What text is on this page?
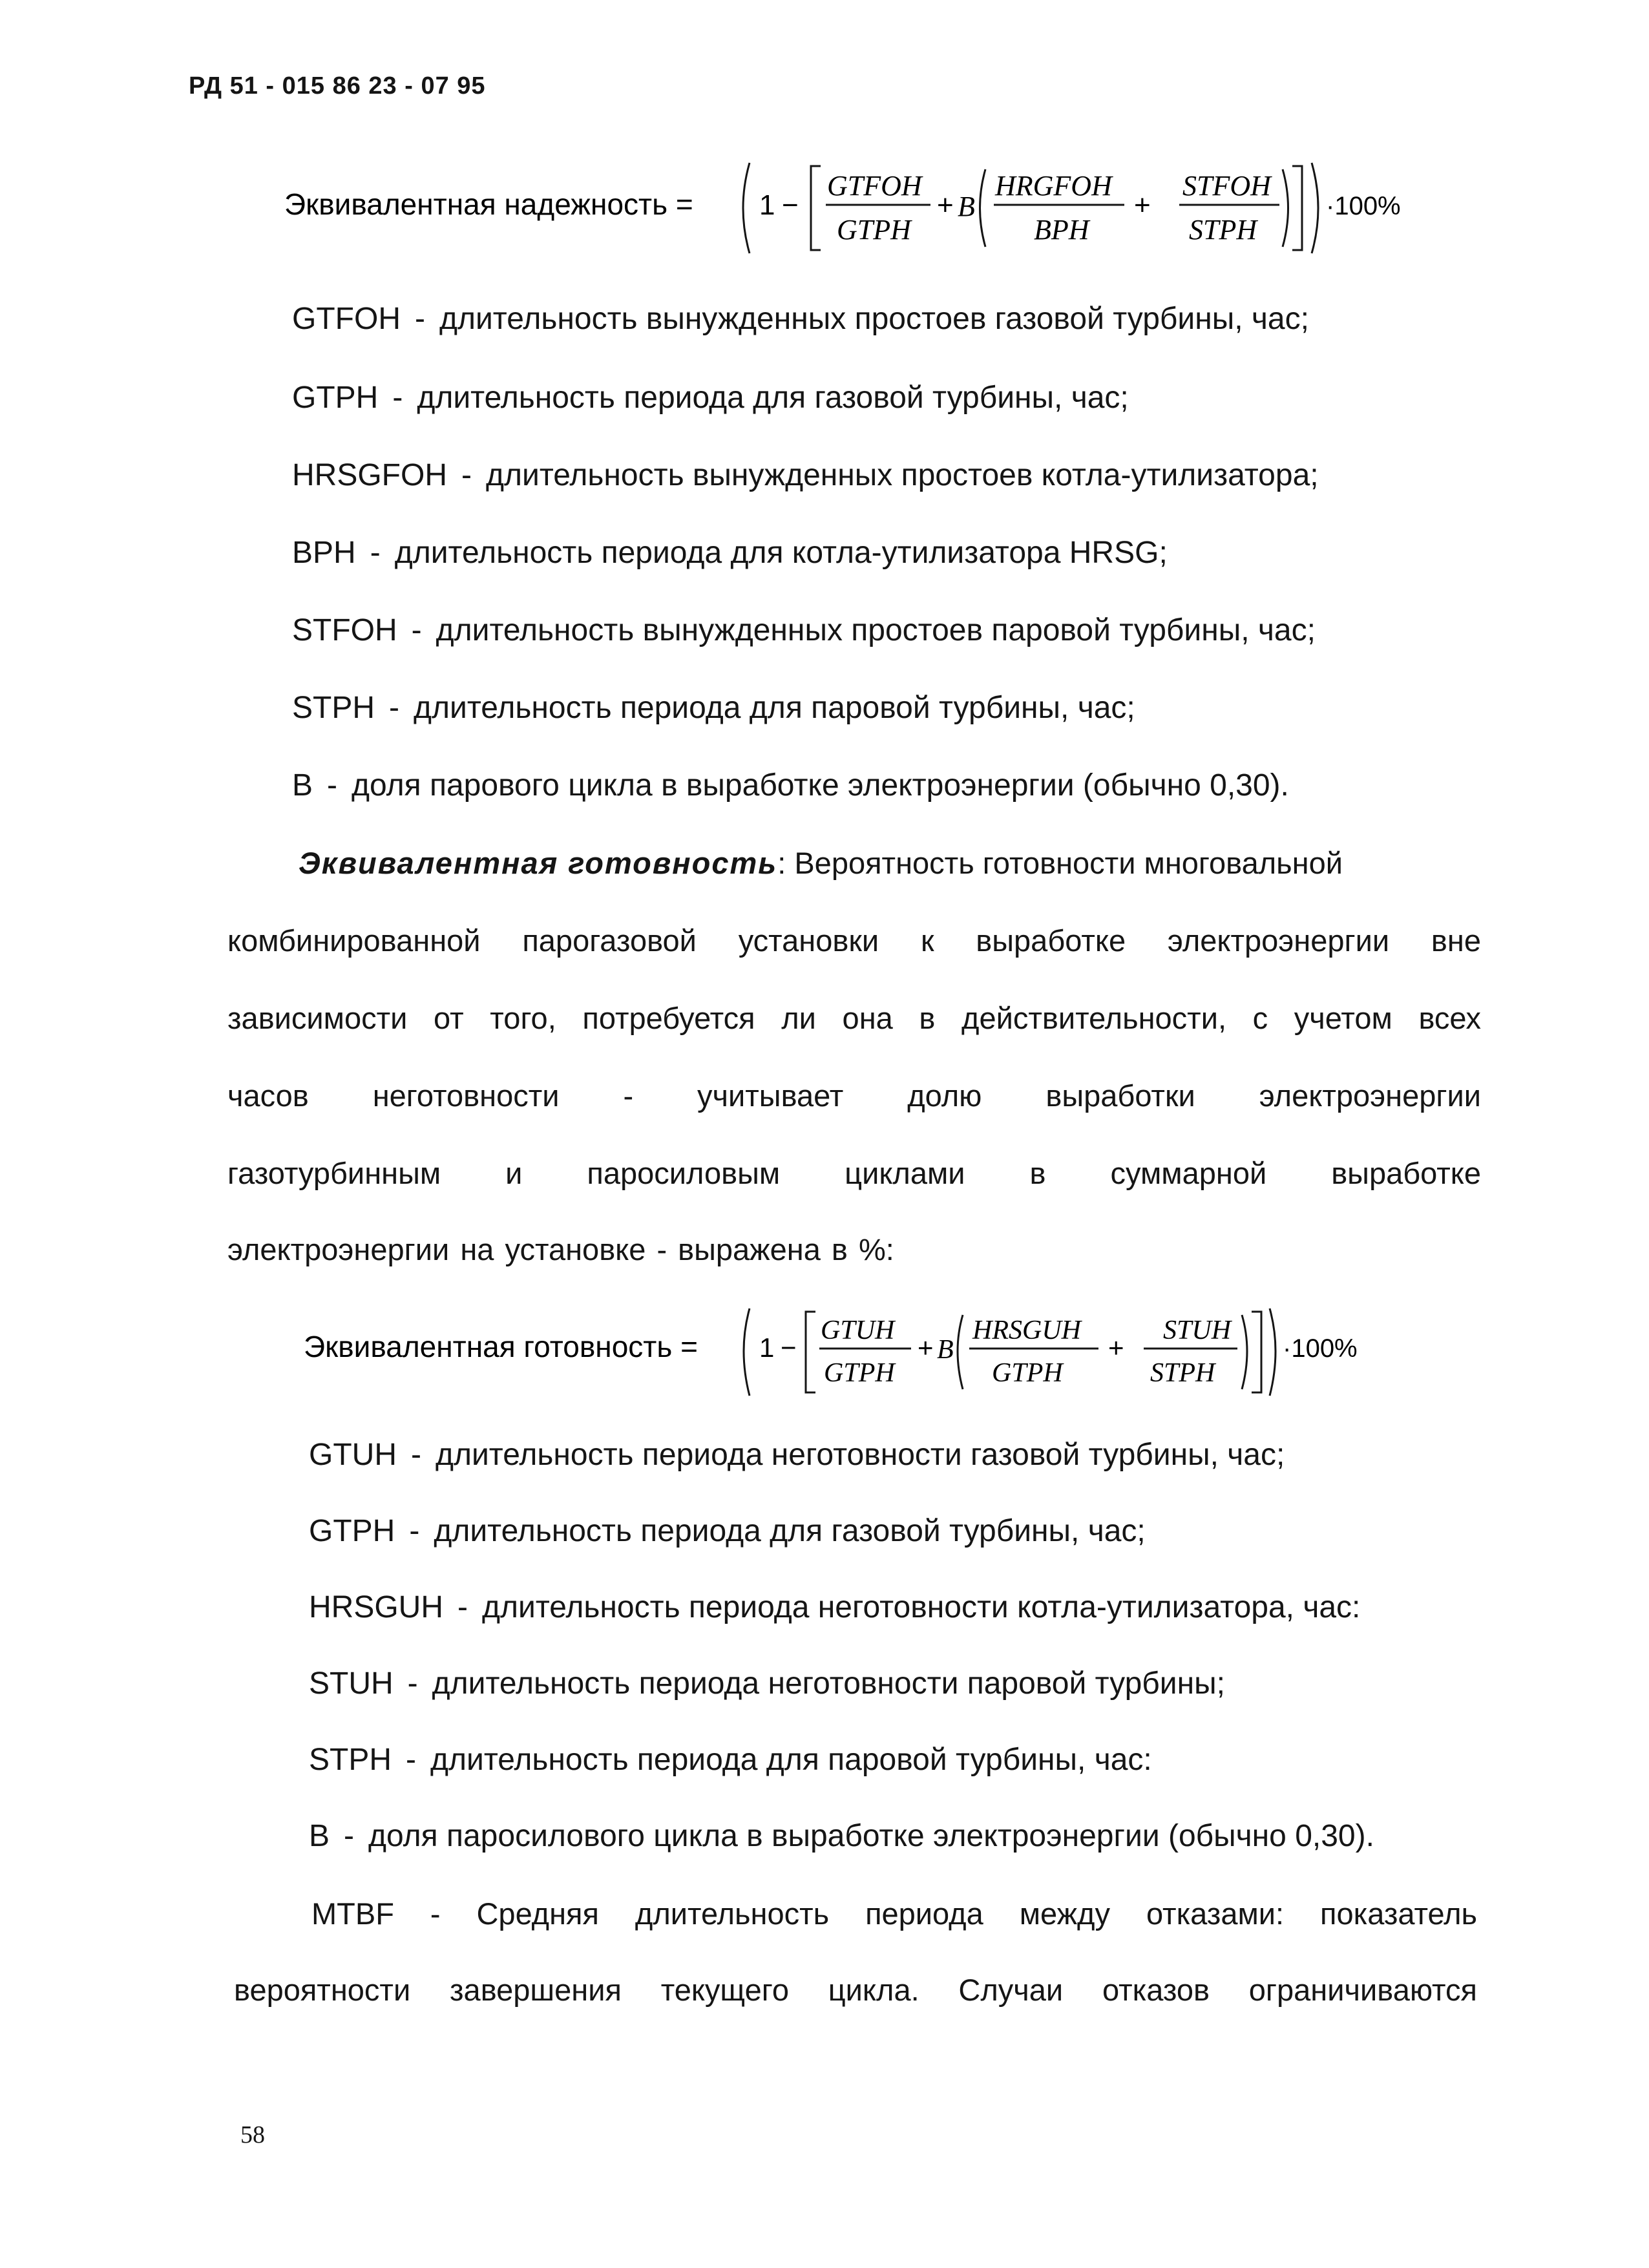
РД 51 - 015 86 23 - 07 95
Эквивалентная надежность = 1 −
GTFOH
GTPH
+ B
HRGFOH
BPH
+
STFOH
STPH
·100%
GTFOH - длительность вынужденных простоев газовой турбины, час;
GTPH - длительность периода для газовой турбины, час;
HRSGFOH - длительность вынужденных простоев котла-утилизатора;
BPH - длительность периода для котла-утилизатора HRSG;
STFOH - длительность вынужденных простоев паровой турбины, час;
STPH - длительность периода для паровой турбины, час;
B - доля парового цикла в выработке электроэнергии (обычно 0,30).
Эквивалентная готовность: Вероятность готовности многовальной
комбинированной парогазовой установки к выработке электроэнергии вне
зависимости от того, потребуется ли она в действительности, с учетом всех
часов неготовности - учитывает долю выработки электроэнергии
газотурбинным и паросиловым циклами в суммарной выработке
электроэнергии на установке - выражена в %:
Эквивалентная готовность = 1 −
GTUH
GTPH
+ B
HRSGUH
GTPH
+
STUH
STPH
·100%
GTUH - длительность периода неготовности газовой турбины, час;
GTPH - длительность периода для газовой турбины, час;
HRSGUH - длительность периода неготовности котла-утилизатора, час:
STUH - длительность периода неготовности паровой турбины;
STPH - длительность периода для паровой турбины, час:
B - доля паросилового цикла в выработке электроэнергии (обычно 0,30).
MTBF - Средняя длительность периода между отказами: показатель
вероятности завершения текущего цикла. Случаи отказов ограничиваются
58
